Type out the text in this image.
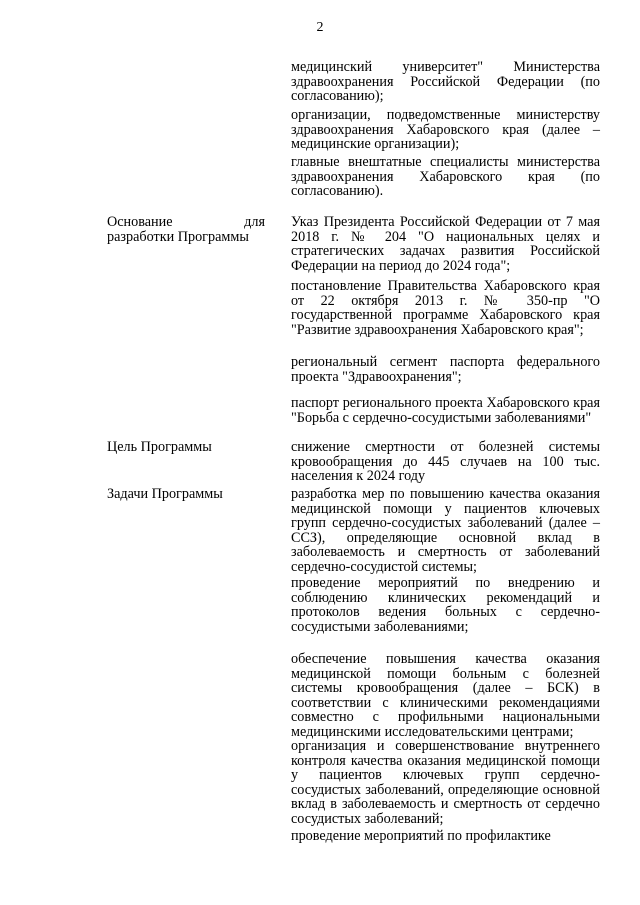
2
медицинский университет" Министерства здравоохранения Российской Федерации (по согласованию);
организации, подведомственные министерству здравоохранения Хабаровского края (далее – медицинские организации);
главные внештатные специалисты министерства здравоохранения Хабаровского края (по согласованию).
Основание для разработки Программы
Указ Президента Российской Федерации от 7 мая 2018 г. № 204 "О национальных целях и стратегических задачах развития Российской Федерации на период до 2024 года";
постановление Правительства Хабаровского края от 22 октября 2013 г. № 350-пр "О государственной программе Хабаровского края "Развитие здравоохранения Хабаровского края";
региональный сегмент паспорта федерального проекта "Здравоохранения";
паспорт регионального проекта Хабаровского края "Борьба с сердечно-сосудистыми заболеваниями"
Цель Программы	снижение смертности от болезней системы кровообращения до 445 случаев на 100 тыс. населения к 2024 году
Задачи Программы	разработка мер по повышению качества оказания медицинской помощи у пациентов ключевых групп сердечно-сосудистых заболеваний (далее – ССЗ), определяющие основной вклад в заболеваемость и смертность от заболеваний сердечно-сосудистой системы;
проведение мероприятий по внедрению и соблюдению клинических рекомендаций и протоколов ведения больных с сердечно-сосудистыми заболеваниями;
обеспечение повышения качества оказания медицинской помощи больным с болезней системы кровообращения (далее – БСК) в соответствии с клиническими рекомендациями совместно с профильными национальными медицинскими исследовательскими центрами;
организация и совершенствование внутреннего контроля качества оказания медицинской помощи у пациентов ключевых групп сердечно-сосудистых заболеваний, определяющие основной вклад в заболеваемость и смертность от сердечно сосудистых заболеваний;
проведение мероприятий по профилактике
